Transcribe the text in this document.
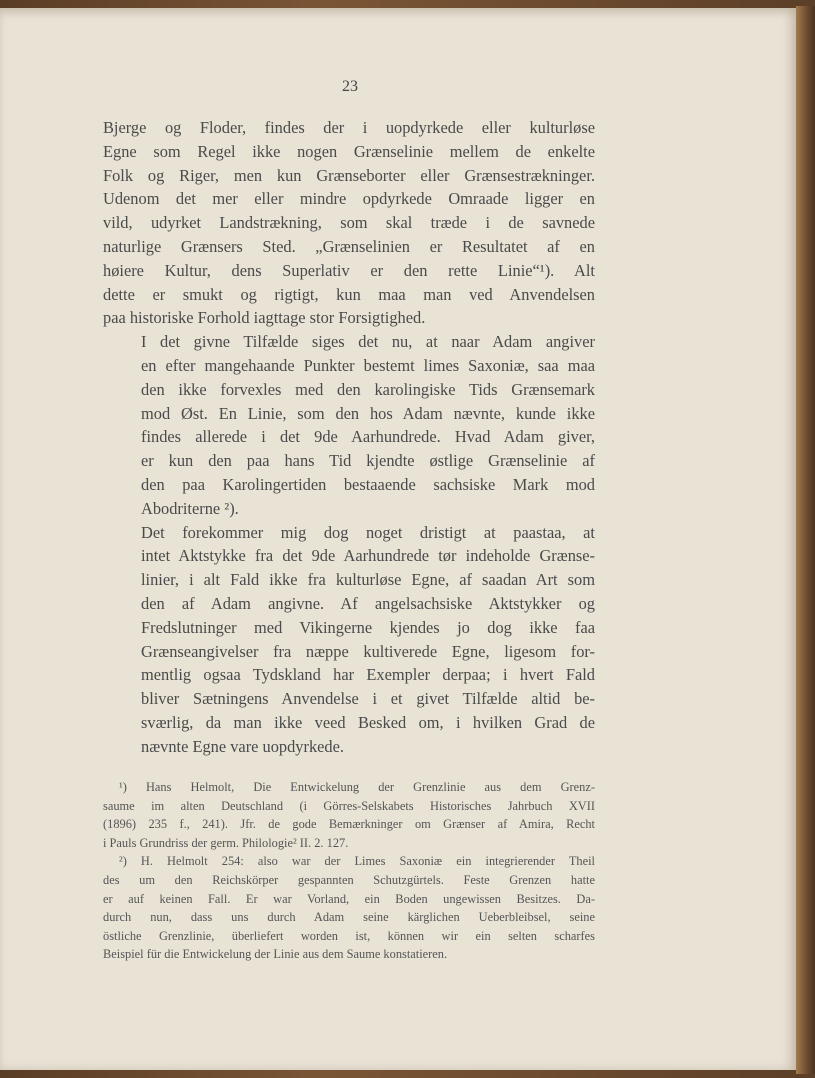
23

Bjerge og Floder, findes der i uopdyrkede eller kulturløse
Egne som Regel ikke nogen Grænselinie mellem de enkelte
Folk og Riger, men kun Grænseborter eller Grænsestrækninger.
Udenom det mer eller mindre opdyrkede Omraade ligger en
vild, udyrket Landstrækning, som skal træde i de savnede
naturlige Grænsers Sted. „Grænselinien er Resultatet af en
høiere Kultur, dens Superlativ er den rette Linie“¹). Alt
dette er smukt og rigtigt, kun maa man ved Anvendelsen
paa historiske Forhold iagttage stor Forsigtighed.

I det givne Tilfælde siges det nu, at naar Adam angiver
en efter mangehaande Punkter bestemt limes Saxoniæ, saa maa
den ikke forvexles med den karolingiske Tids Grænsemark
mod Øst. En Linie, som den hos Adam nævnte, kunde ikke
findes allerede i det 9de Aarhundrede. Hvad Adam giver,
er kun den paa hans Tid kjendte østlige Grænselinie af
den paa Karolingertiden bestaaende sachsiske Mark mod
Abodriterne ²).

Det forekommer mig dog noget dristigt at paastaa, at
intet Aktstykke fra det 9de Aarhundrede tør indeholde Grænse-
linier, i alt Fald ikke fra kulturløse Egne, af saadan Art som
den af Adam angivne. Af angelsachsiske Aktstykker og
Fredslutninger med Vikingerne kjendes jo dog ikke faa
Grænseangivelser fra næppe kultiverede Egne, ligesom for-
mentlig ogsaa Tydskland har Exempler derpaa; i hvert Fald
bliver Sætningens Anvendelse i et givet Tilfælde altid be-
sværlig, da man ikke veed Besked om, i hvilken Grad de
nævnte Egne vare uopdyrkede.

¹) Hans Helmolt, Die Entwickelung der Grenzlinie aus dem Grenz-
saume im alten Deutschland (i Görres-Selskabets Historisches Jahrbuch XVII
(1896) 235 f., 241). Jfr. de gode Bemærkninger om Grænser af Amira, Recht
i Pauls Grundriss der germ. Philologie² II. 2. 127.

²) H. Helmolt 254: also war der Limes Saxoniæ ein integrierender Theil
des um den Reichskörper gespannten Schutzgürtels. Feste Grenzen hatte
er auf keinen Fall. Er war Vorland, ein Boden ungewissen Besitzes. Da-
durch nun, dass uns durch Adam seine kärglichen Ueberbleibsel, seine
östliche Grenzlinie, überliefert worden ist, können wir ein selten scharfes
Beispiel für die Entwickelung der Linie aus dem Saume konstatieren.
